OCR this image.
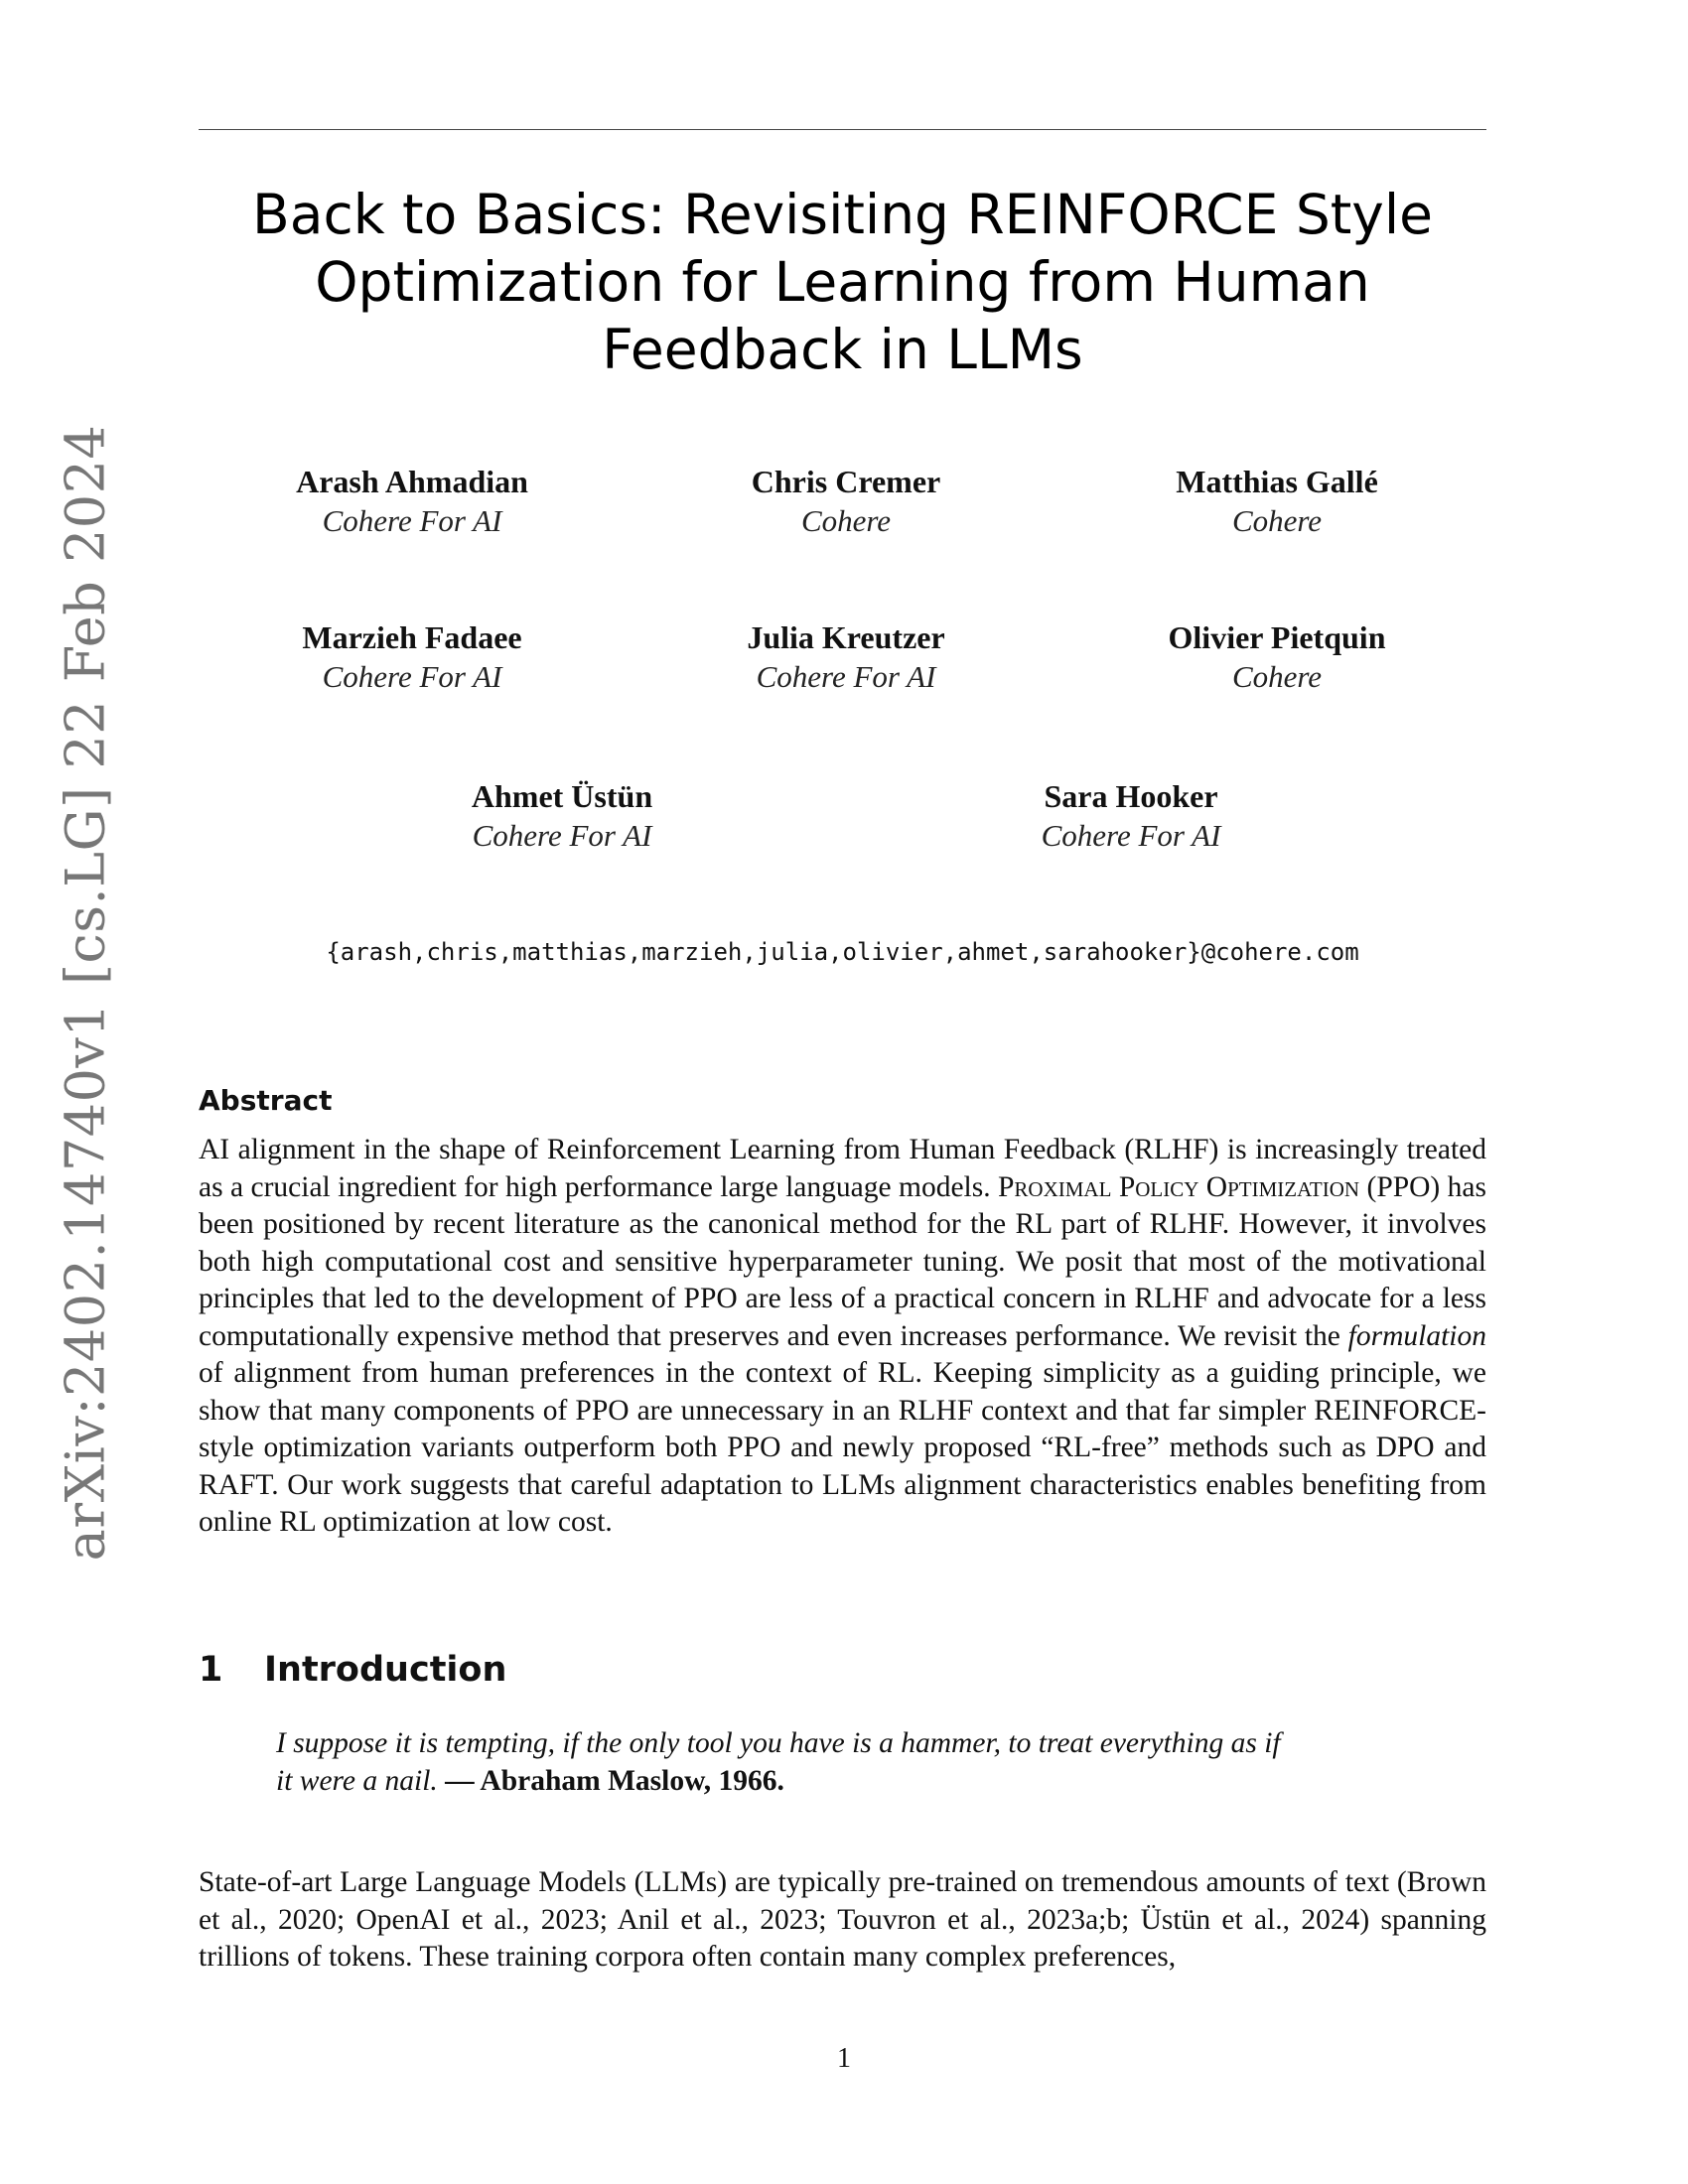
arXiv:2402.14740v1 [cs.LG] 22 Feb 2024
Back to Basics: Revisiting REINFORCE Style
Optimization for Learning from Human
Feedback in LLMs
Arash Ahmadian
Cohere For AI
Chris Cremer
Cohere
Matthias Gallé
Cohere
Marzieh Fadaee
Cohere For AI
Julia Kreutzer
Cohere For AI
Olivier Pietquin
Cohere
Ahmet Üstün
Cohere For AI
Sara Hooker
Cohere For AI
{arash,chris,matthias,marzieh,julia,olivier,ahmet,sarahooker}@cohere.com
Abstract
AI alignment in the shape of Reinforcement Learning from Human Feedback (RLHF) is increasingly treated as a crucial ingredient for high performance large language models. Proximal Policy Optimization (PPO) has been positioned by recent literature as the canonical method for the RL part of RLHF. However, it involves both high computational cost and sensitive hyperparameter tuning. We posit that most of the motivational principles that led to the development of PPO are less of a practical concern in RLHF and advocate for a less computationally expensive method that preserves and even increases performance. We revisit the formulation of alignment from human preferences in the context of RL. Keeping simplicity as a guiding principle, we show that many components of PPO are unnecessary in an RLHF context and that far simpler REINFORCE-style optimization variants outperform both PPO and newly proposed “RL-free” methods such as DPO and RAFT. Our work suggests that careful adaptation to LLMs alignment characteristics enables benefiting from online RL optimization at low cost.
1 Introduction
I suppose it is tempting, if the only tool you have is a hammer, to treat everything as if
it were a nail. — Abraham Maslow, 1966.
State-of-art Large Language Models (LLMs) are typically pre-trained on tremendous amounts of text (Brown et al., 2020; OpenAI et al., 2023; Anil et al., 2023; Touvron et al., 2023a;b; Üstün et al., 2024) spanning trillions of tokens. These training corpora often contain many complex preferences,
1
